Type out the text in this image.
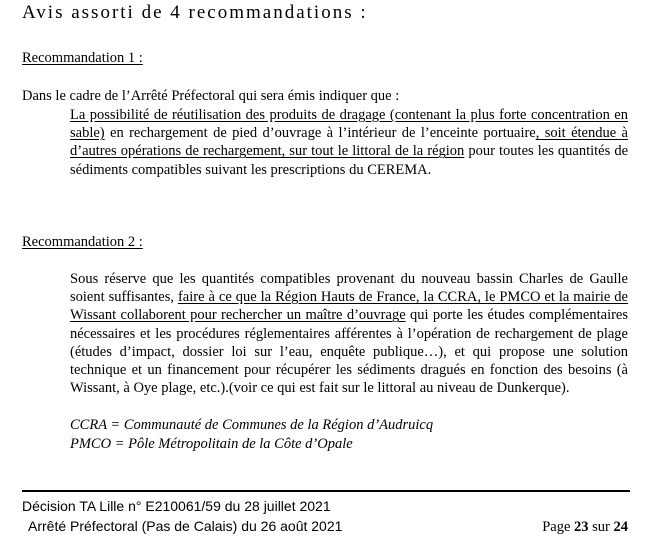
Avis assorti de 4 recommandations :
Recommandation 1 :
Dans le cadre de l’Arrêté Préfectoral qui sera émis indiquer que :
La possibilité de réutilisation des produits de dragage (contenant la plus forte concentration en sable) en rechargement de pied d’ouvrage à l’intérieur de l’enceinte portuaire, soit étendue à d’autres opérations de rechargement, sur tout le littoral de la région pour toutes les quantités de sédiments compatibles suivant les prescriptions du CEREMA.
Recommandation 2 :
Sous réserve que les quantités compatibles provenant du nouveau bassin Charles de Gaulle soient suffisantes, faire à ce que la Région Hauts de France, la CCRA, le PMCO et la mairie de Wissant collaborent pour rechercher un maître d’ouvrage qui porte les études complémentaires nécessaires et les procédures réglementaires afférentes à l’opération de rechargement de plage (études d’impact, dossier loi sur l’eau, enquête publique…), et qui propose une solution technique et un financement pour récupérer les sédiments dragués en fonction des besoins (à Wissant, à Oye plage, etc.).(voir ce qui est fait sur le littoral au niveau de Dunkerque).
CCRA = Communauté de Communes de la Région d’Audruicq
PMCO = Pôle Métropolitain de la Côte d’Opale
Décision TA Lille n° E210061/59 du 28 juillet 2021
Arrêté Préfectoral (Pas de Calais) du 26 août 2021	Page 23 sur 24
